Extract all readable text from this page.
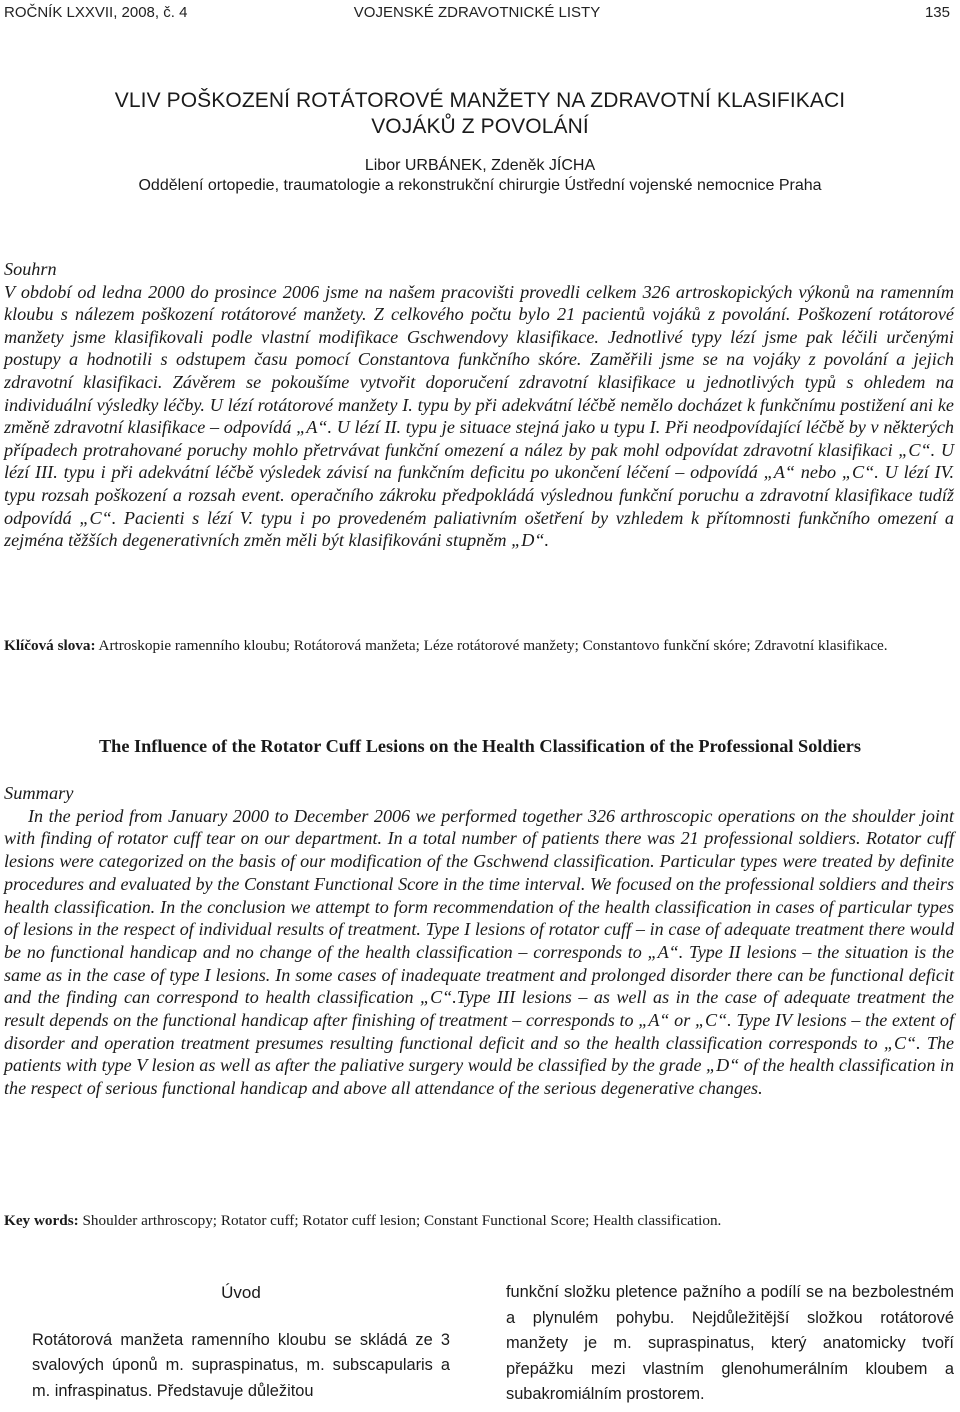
ROČNÍK LXXVII, 2008, č. 4	VOJENSKÉ ZDRAVOTNICKÉ LISTY	135
VLIV POŠKOZENÍ ROTÁTOROVÉ MANŽETY NA ZDRAVOTNÍ KLASIFIKACI
VOJÁKŮ Z POVOLÁNÍ
Libor URBÁNEK, Zdeněk JÍCHA
Oddělení ortopedie, traumatologie a rekonstrukční chirurgie Ústřední vojenské nemocnice Praha
Souhrn
V období od ledna 2000 do prosince 2006 jsme na našem pracovišti provedli celkem 326 artroskopických výkonů na ramenním kloubu s nálezem poškození rotátorové manžety. Z celkového počtu bylo 21 pacientů vojáků z povolání. Poškození rotátorové manžety jsme klasifikovali podle vlastní modifikace Gschwendovy klasifikace. Jednotlivé typy lézí jsme pak léčili určenými postupy a hodnotili s odstupem času pomocí Constantova funkčního skóre. Zaměřili jsme se na vojáky z povolání a jejich zdravotní klasifikaci. Závěrem se pokoušíme vytvořit doporučení zdravotní klasifikace u jednotlivých typů s ohledem na individuální výsledky léčby. U lézí rotátorové manžety I. typu by při adekvátní léčbě nemělo docházet k funkčnímu postižení ani ke změně zdravotní klasifikace – odpovídá „A“. U lézí II. typu je situace stejná jako u typu I. Při neodpovídající léčbě by v některých případech protrahované poruchy mohlo přetrvávat funkční omezení a nález by pak mohl odpovídat zdravotní klasifikaci „C“. U lézí III. typu i při adekvátní léčbě výsledek závisí na funkčním deficitu po ukončení léčení – odpovídá „A“ nebo „C“. U lézí IV. typu rozsah poškození a rozsah event. operačního zákroku předpokládá výslednou funkční poruchu a zdravotní klasifikace tudíž odpovídá „C“. Pacienti s lézí V. typu i po provedeném paliativním ošetření by vzhledem k přítomnosti funkčního omezení a zejména těžších degenerativních změn měli být klasifikováni stupněm „D“.
Klíčová slova: Artroskopie ramenního kloubu; Rotátorová manžeta; Léze rotátorové manžety; Constantovo funkční skóre; Zdravotní klasifikace.
The Influence of the Rotator Cuff Lesions on the Health Classification of the Professional Soldiers
Summary
In the period from January 2000 to December 2006 we performed together 326 arthroscopic operations on the shoulder joint with finding of rotator cuff tear on our department. In a total number of patients there was 21 professional soldiers. Rotator cuff lesions were categorized on the basis of our modification of the Gschwend classification. Particular types were treated by definite procedures and evaluated by the Constant Functional Score in the time interval. We focused on the professional soldiers and theirs health classification. In the conclusion we attempt to form recommendation of the health classification in cases of particular types of lesions in the respect of individual results of treatment. Type I lesions of rotator cuff – in case of adequate treatment there would be no functional handicap and no change of the health classification – corresponds to „A“. Type II lesions – the situation is the same as in the case of type I lesions. In some cases of inadequate treatment and prolonged disorder there can be functional deficit and the finding can correspond to health classification „C“.Type III lesions – as well as in the case of adequate treatment the result depends on the functional handicap after finishing of treatment – corresponds to „A“ or „C“. Type IV lesions – the extent of disorder and operation treatment presumes resulting functional deficit and so the health classification corresponds to „C“. The patients with type V lesion as well as after the paliative surgery would be classified by the grade „D“ of the health classification in the respect of serious functional handicap and above all attendance of the serious degenerative changes.
Key words: Shoulder arthroscopy; Rotator cuff; Rotator cuff lesion; Constant Functional Score; Health classification.
Úvod
Rotátorová manžeta ramenního kloubu se skládá ze 3 svalových úponů m. supraspinatus, m. subscapularis a m. infraspinatus. Představuje důležitou
funkční složku pletence pažního a podílí se na bezbolestném a plynulém pohybu. Nejdůležitější složkou rotátorové manžety je m. supraspinatus, který anatomicky tvoří přepážku mezi vlastním glenohumerálním kloubem a subakromiálním prostorem.
